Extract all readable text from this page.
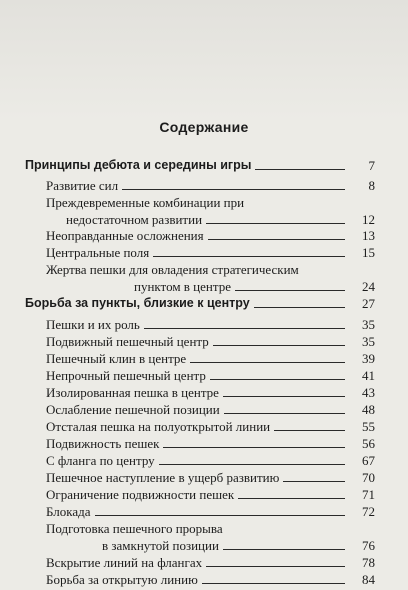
Содержание
Принципы дебюта и середины игры	7
Развитие сил	8
Преждевременные комбинации при
недостаточном развитии	12
Неоправданные осложнения	13
Центральные поля	15
Жертва пешки для овладения стратегическим
пунктом в центре	24
Борьба за пункты, близкие к центру	27
Пешки и их роль	35
Подвижный пешечный центр	35
Пешечный клин в центре	39
Непрочный пешечный центр	41
Изолированная пешка в центре	43
Ослабление пешечной позиции	48
Отсталая пешка на полуоткрытой линии	55
Подвижность пешек	56
С фланга по центру	67
Пешечное наступление в ущерб развитию	70
Ограничение подвижности пешек	71
Блокада	72
Подготовка пешечного прорыва
в замкнутой позиции	76
Вскрытие линий на флангах	78
Борьба за открытую линию	84
